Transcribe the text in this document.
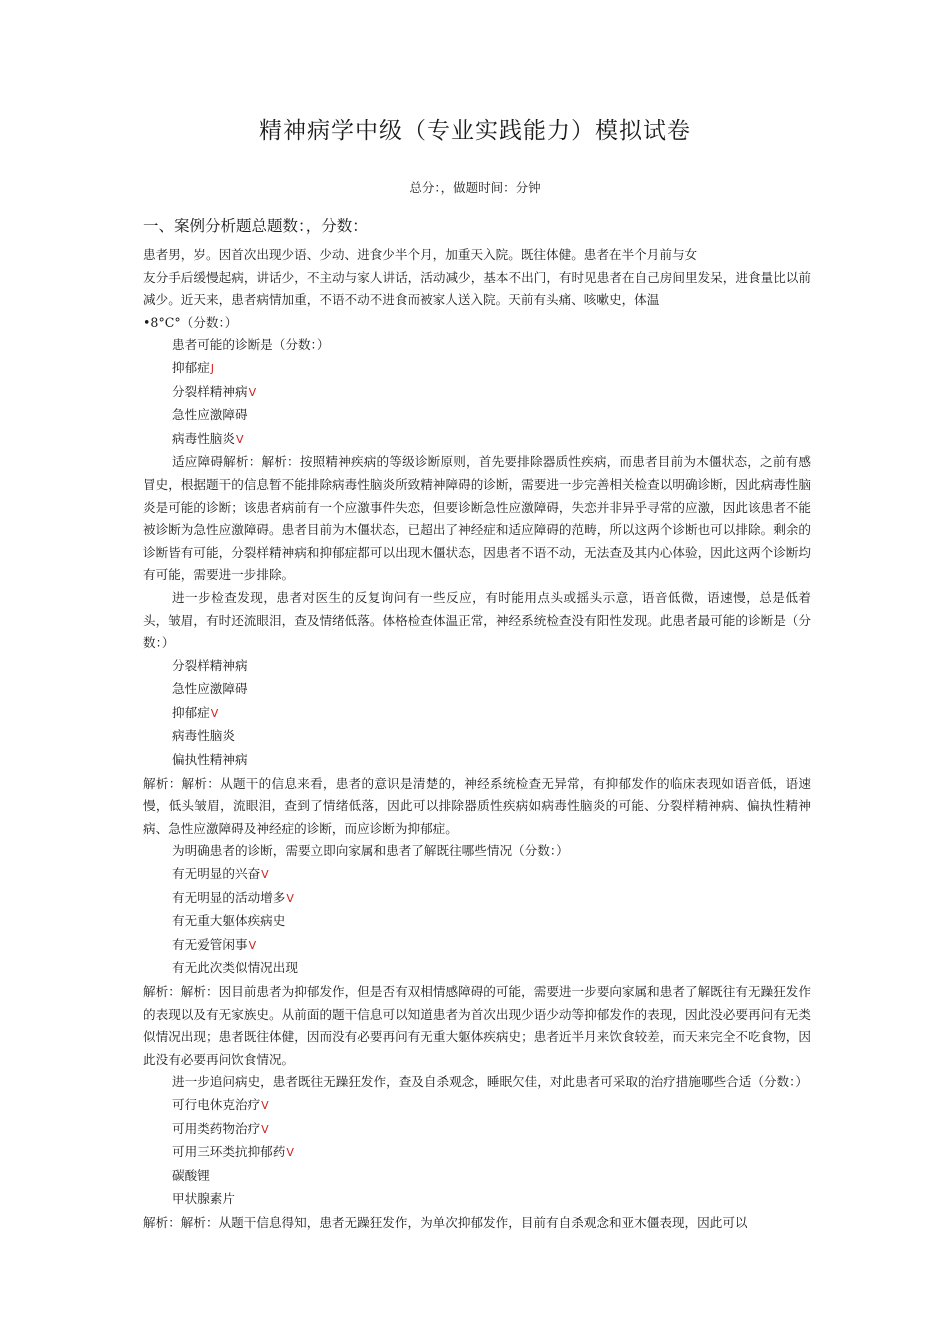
精神病学中级（专业实践能力）模拟试卷
总分：，做题时间：分钟
一、案例分析题总题数：，分数：

患者男，岁。因首次出现少语、少动、进食少半个月，加重天入院。既往体健。患者在半个月前与女

友分手后缓慢起病，讲话少，不主动与家人讲话，活动减少，基本不出门，有时见患者在自己房间里发呆，进食量比以前减少。近天来，患者病情加重，不语不动不进食而被家人送入院。天前有头痛、咳嗽史，体温

•8°C°（分数：）

患者可能的诊断是（分数：）

抑郁症J

分裂样精神病V

急性应激障碍

病毒性脑炎V

适应障碍解析：解析：按照精神疾病的等级诊断原则，首先要排除器质性疾病，而患者目前为木僵状态，之前有感冒史，根据题干的信息暂不能排除病毒性脑炎所致精神障碍的诊断，需要进一步完善相关检查以明确诊断，因此病毒性脑炎是可能的诊断；该患者病前有一个应激事件失恋，但要诊断急性应激障碍，失恋并非异乎寻常的应激，因此该患者不能被诊断为急性应激障碍。患者目前为木僵状态，已超出了神经症和适应障碍的范畴，所以这两个诊断也可以排除。剩余的诊断皆有可能，分裂样精神病和抑郁症都可以出现木僵状态，因患者不语不动，无法查及其内心体验，因此这两个诊断均有可能，需要进一步排除。

进一步检查发现，患者对医生的反复询问有一些反应，有时能用点头或摇头示意，语音低微，语速慢，总是低着头，皱眉，有时还流眼泪，查及情绪低落。体格检查体温正常，神经系统检查没有阳性发现。此患者最可能的诊断是（分数：）

分裂样精神病

急性应激障碍

抑郁症V

病毒性脑炎

偏执性精神病

解析：解析：从题干的信息来看，患者的意识是清楚的，神经系统检查无异常，有抑郁发作的临床表现如语音低，语速慢，低头皱眉，流眼泪，查到了情绪低落，因此可以排除器质性疾病如病毒性脑炎的可能、分裂样精神病、偏执性精神病、急性应激障碍及神经症的诊断，而应诊断为抑郁症。

为明确患者的诊断，需要立即向家属和患者了解既往哪些情况（分数：）

有无明显的兴奋V

有无明显的活动增多V

有无重大躯体疾病史

有无爱管闲事V

有无此次类似情况出现

解析：解析：因目前患者为抑郁发作，但是否有双相情感障碍的可能，需要进一步要向家属和患者了解既往有无躁狂发作的表现以及有无家族史。从前面的题干信息可以知道患者为首次出现少语少动等抑郁发作的表现，因此没必要再问有无类似情况出现；患者既往体健，因而没有必要再问有无重大躯体疾病史；患者近半月来饮食较差，而天来完全不吃食物，因此没有必要再问饮食情况。

进一步追问病史，患者既往无躁狂发作，查及自杀观念，睡眠欠佳，对此患者可采取的治疗措施哪些合适（分数：）

可行电休克治疗V

可用类药物治疗V

可用三环类抗抑郁药V

碳酸锂

甲状腺素片

解析：解析：从题干信息得知，患者无躁狂发作，为单次抑郁发作，目前有自杀观念和亚木僵表现，因此可以
